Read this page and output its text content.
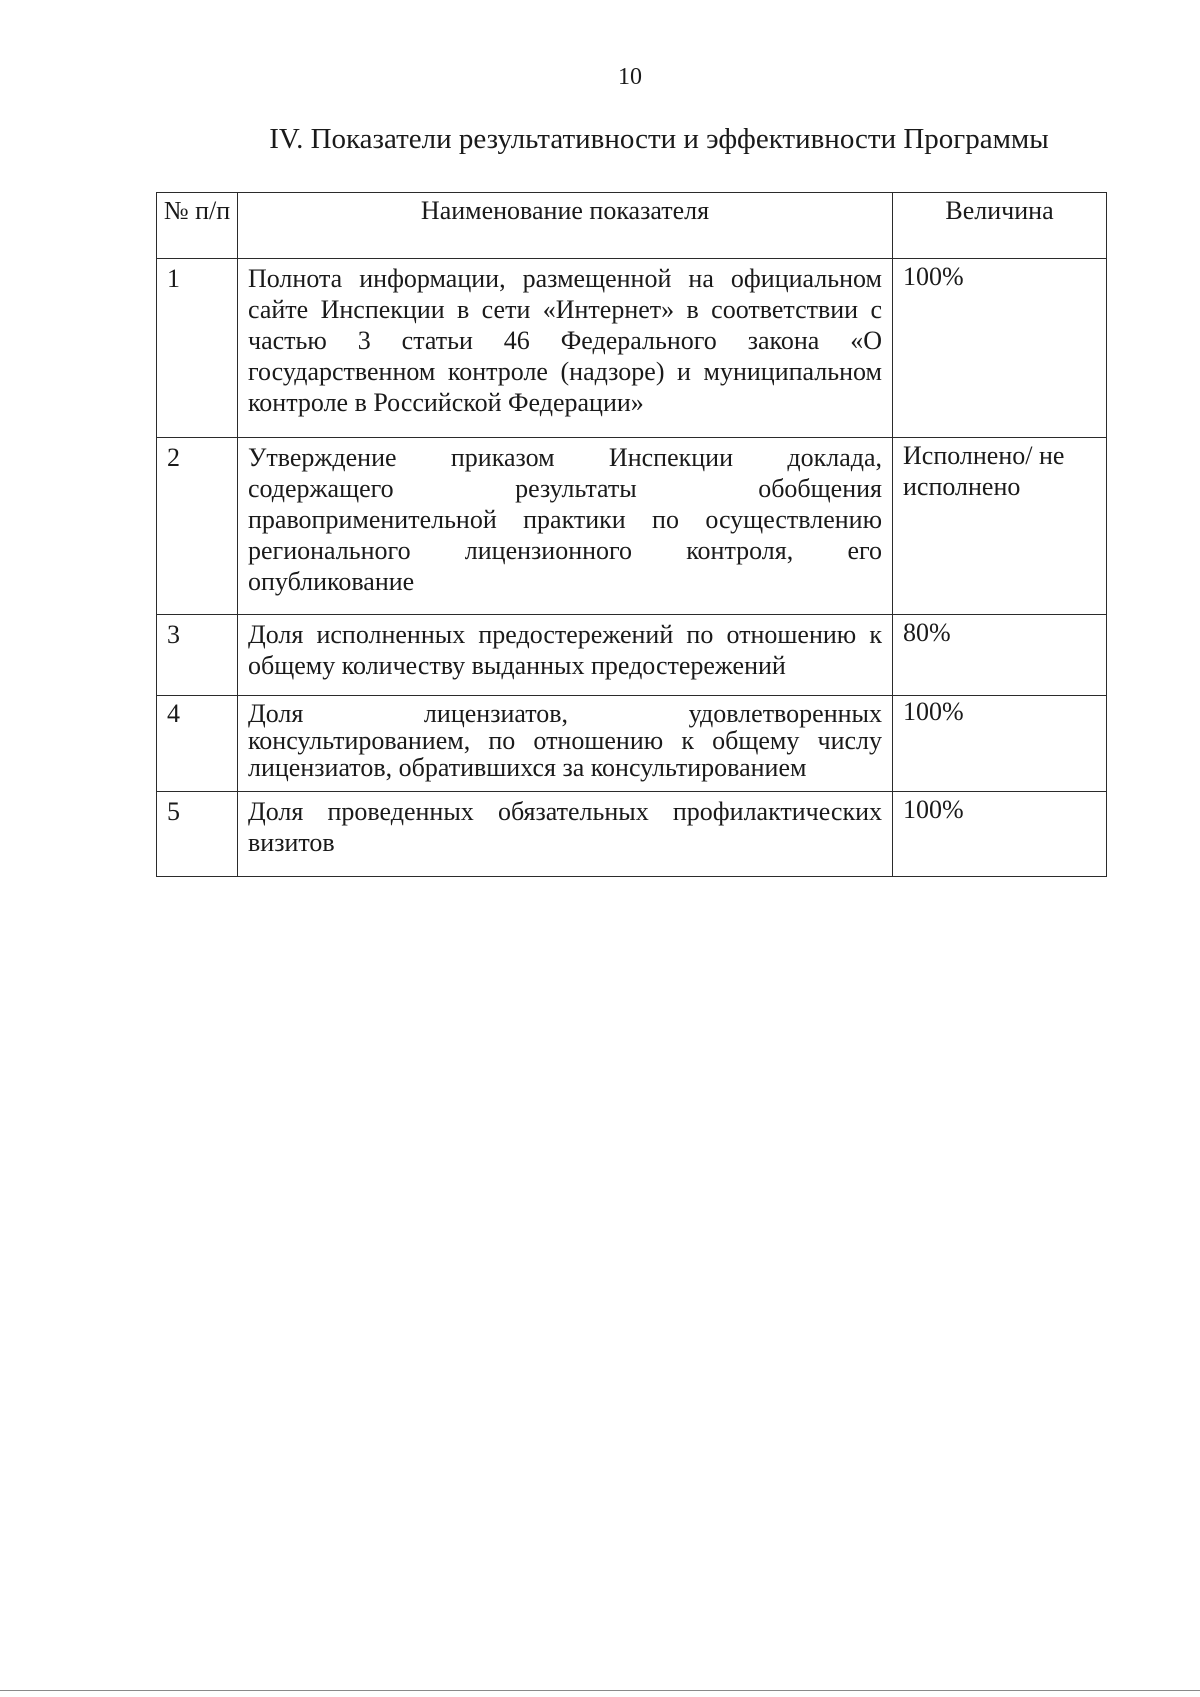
10
IV. Показатели результативности и эффективности Программы
№ п/п	Наименование показателя	Величина
1	Полнота информации, размещенной на официальном сайте Инспекции в сети «Интернет» в соответствии с частью 3 статьи 46 Федерального закона «О государственном контроле (надзоре) и муниципальном контроле в Российской Федерации»	100%
2	Утверждение приказом Инспекции доклада, содержащего результаты обобщения правоприменительной практики по осуществлению регионального лицензионного контроля, его опубликование	Исполнено/ не исполнено
3	Доля исполненных предостережений по отношению к общему количеству выданных предостережений	80%
4	Доля лицензиатов, удовлетворенных консультированием, по отношению к общему числу лицензиатов, обратившихся за консультированием	100%
5	Доля проведенных обязательных профилактических визитов	100%
